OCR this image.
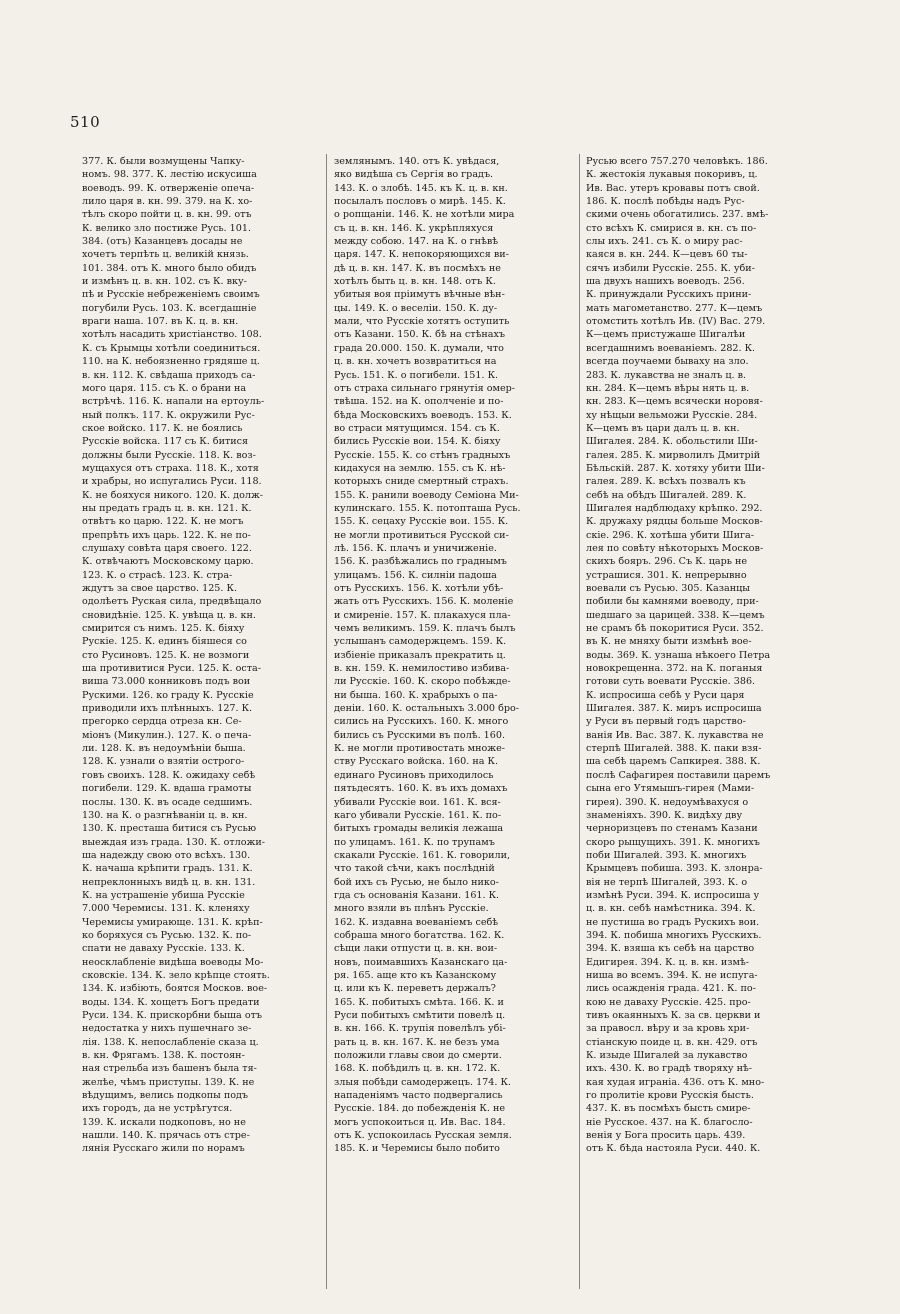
510
377. К. были возмущены Чапку-
номъ. 98. 377. К. лестію искусиша
воеводъ. 99. К. отверженіе опеча-
лило царя в. кн. 99. 379. на К. хо-
тѣлъ скоро пойти ц. в. кн. 99. отъ
К. велико зло постиже Русь. 101.
384. (отъ) Казанцевъ досады не
хочетъ терпѣть ц. великій князь.
101. 384. отъ К. много было обидъ
и измѣнъ ц. в. кн. 102. съ К. вку-
пѣ и Русскіе небреженіемъ своимъ
погубили Русь. 103. К. всегдашніе
враги наша. 107. въ К. ц. в. кн.
хотѣлъ насадить христіанство. 108.
К. съ Крымцы хотѣли соединиться.
110. на К. небоязненно грядяше ц.
в. кн. 112. К. свѣдаша приходъ са-
мого царя. 115. съ К. о брани на
встрѣчѣ. 116. К. напали на ертоуль-
ный полкъ. 117. К. окружили Рус-
ское войско. 117. К. не боялись
Русскіе войска. 117 съ К. битися
должны были Русскіе. 118. К. воз-
мущахуся отъ страха. 118. К., хотя
и храбры, но испугались Руси. 118.
К. не бояхуся никого. 120. К. долж-
ны предать градъ ц. в. кн. 121. К.
отвѣтъ ко царю. 122. К. не могъ
препрѣть ихъ царь. 122. К. не по-
слушаху совѣта царя своего. 122.
К. отвѣчаютъ Московскому царю.
123. К. о страсѣ. 123. К. стра-
ждутъ за свое царство. 125. К.
одолѣетъ Руская сила, предвѣщало
сновидѣніе. 125. К. увѣща ц. в. кн.
смирится съ нимъ. 125. К. біяху
Рускіе. 125. К. единъ біяшеся со
сто Русиновъ. 125. К. не возмоги
ша противитися Руси. 125. К. оста-
виша 73.000 конниковъ подъ вои
Рускими. 126. ко граду К. Русскіе
приводили ихъ плѣнныхъ. 127. К.
прегорко сердца отреза кн. Се-
міонъ (Микулин.). 127. К. о печа-
ли. 128. К. въ недоумѣніи быша.
128. К. узнали о взятіи острого-
говъ своихъ. 128. К. ожидаху себѣ
погибели. 129. К. вдаша грамоты
послы. 130. К. въ осаде седшимъ.
130. на К. о разгнѣваніи ц. в. кн.
130. К. престаша битися съ Русью
выеждая изъ града. 130. К. отложи-
ша надежду свою ото всѣхъ. 130.
К. начаша крѣпити градъ. 131. К.
непреклонныхъ видѣ ц. в. кн. 131.
К. на устрашеніе убиша Русскіе
7.000 Черемисы. 131. К. кленяху
Черемисы умирающе. 131. К. крѣп-
ко боряхуся съ Русью. 132. К. по-
спати не даваху Русскіе. 133. К.
неосклабленіе видѣша воеводы Мо-
сковскіе. 134. К. зело крѣпце стоять.
134. К. избіють, боятся Москов. вое-
воды. 134. К. хощетъ Богъ предати
Руси. 134. К. прискорбни быша отъ
недостатка у нихъ пушечнаго зе-
лія. 138. К. непослабленіе сказа ц.
в. кн. Фрягамъ. 138. К. постоян-
ная стрельба изъ башенъ была тя-
желѣе, чѣмъ приступы. 139. К. не
вѣдущимъ, велись подкопы подъ
ихъ городъ, да не устрѣгутся.
139. К. искали подкоповъ, но не
нашли. 140. К. прячась отъ стре-
лянія Русскаго жили по норамъ
землянымъ. 140. отъ К. увѣдася,
яко видѣша съ Сергія во градъ.
143. К. о злобѣ. 145. къ К. ц. в. кн.
посылалъ пословъ о мирѣ. 145. К.
о ропщаніи. 146. К. не хотѣли мира
съ ц. в. кн. 146. К. укрѣпляхуся
между собою. 147. на К. о гнѣвѣ
царя. 147. К. непокоряющихся ви-
дѣ ц. в. кн. 147. К. въ посмѣхъ не
хотѣлъ быть ц. в. кн. 148. отъ К.
убитыя воя пріимутъ вѣчные вѣн-
цы. 149. К. о веселіи. 150. К. ду-
мали, что Русскіе хотятъ оступить
отъ Казани. 150. К. бѣ на стѣнахъ
града 20.000. 150. К. думали, что
ц. в. кн. хочетъ возвратиться на
Русь. 151. К. о погибели. 151. К.
отъ страха сильнаго грянутія омер-
твѣша. 152. на К. ополченіе и по-
бѣда Московскихъ воеводъ. 153. К.
во страси мятущимся. 154. съ К.
бились Русскіе вои. 154. К. біяху
Русскіе. 155. К. со стѣнъ градныхъ
кидахуся на землю. 155. съ К. нѣ-
которыхъ сниде смертный страхъ.
155. К. ранили воеводу Семіона Ми-
кулинскаго. 155. К. потопташа Русь.
155. К. сецаху Русскіе вои. 155. К.
не могли противиться Русской си-
лѣ. 156. К. плачъ и уничиженіе.
156. К. разбѣжались по граднымъ
улицамъ. 156. К. силніи падоша
отъ Русскихъ. 156. К. хотѣли убѣ-
жать отъ Русскихъ. 156. К. моленіе
и смиреніе. 157. К. плакахуся пла-
чемъ великимъ. 159. К. плачъ былъ
услышанъ самодержцемъ. 159. К.
избіеніе приказалъ прекратить ц.
в. кн. 159. К. немилостиво избива-
ли Русскіе. 160. К. скоро побѣжде-
ни быша. 160. К. храбрыхъ о па-
деніи. 160. К. остальныхъ 3.000 бро-
сились на Русскихъ. 160. К. много
бились съ Русскими въ полѣ. 160.
К. не могли противостать множе-
ству Русскаго войска. 160. на К.
единаго Русиновъ приходилось
пятьдесятъ. 160. К. въ ихъ домахъ
убивали Русскіе вои. 161. К. вся-
каго убивали Русскіе. 161. К. по-
битыхъ громады великія лежаша
по улицамъ. 161. К. по трупамъ
скакали Русскіе. 161. К. говорили,
что такой сѣчи, какъ послѣдній
бой ихъ съ Русью, не было нико-
гда съ основанія Казани. 161. К.
много взяли въ плѣнъ Русскіе.
162. К. издавна вoеваніемъ себѣ
собраша много богатства. 162. К.
сѣщи лаки отпусти ц. в. кн. вои-
новъ, поимавшихъ Казанскаго ца-
ря. 165. аще кто къ Казанскому
ц. или къ К. переветъ держалъ?
165. К. побитыхъ смѣта. 166. К. и
Руси побитыхъ смѣтити повелѣ ц.
в. кн. 166. К. трупія повелѣлъ убі-
рать ц. в. кн. 167. К. не безъ ума
положили главы свои до смерти.
168. К. побѣдилъ ц. в. кн. 172. К.
злыя побѣди самодержецъ. 174. К.
нападеніямъ часто подвергались
Русскіе. 184. до побежденія К. не
могъ успокоиться ц. Ив. Вас. 184.
отъ К. успокоилась Русская земля.
185. К. и Черемисы было побито
Русью всего 757.270 человѣкъ. 186.
К. жестокія лукавыя покоривъ, ц.
Ив. Вас. утеръ кровавы потъ свой.
186. К. послѣ побѣды надъ Рус-
скими очень обогатились. 237. вмѣ-
сто всѣхъ К. смирися в. кн. съ по-
слы ихъ. 241. съ К. о миру рас-
каяся в. кн. 244. К—цевъ 60 ты-
сячъ избили Русскіе. 255. К. уби-
ша двухъ нашихъ воеводъ. 256.
К. принуждали Русскихъ прини-
мать магометанство. 277. К—цемъ
отомстить хотѣлъ Ив. (IV) Вас. 279.
К—цемъ пристужаше Шигалѣи
всегдашнимъ воеваніемъ. 282. К.
всегда поучаеми бываху на зло.
283. К. лукавства не зналъ ц. в.
кн. 284. К—цемъ вѣры нять ц. в.
кн. 283. К—цемъ всячески норовя-
ху нѣщыи вельможи Русскіе. 284.
К—цемъ въ цари далъ ц. в. кн.
Шигалея. 284. К. обольстили Ши-
галея. 285. К. мирволилъ Дмитрій
Бѣльскій. 287. К. хотяху убити Ши-
галея. 289. К. всѣхъ позвалъ къ
себѣ на обѣдъ Шигалей. 289. К.
Шигалея надблюдаху крѣпко. 292.
К. дружаху рядцы больше Москов-
скіе. 296. К. хотѣша убити Шига-
лея по совѣту нѣкоторыхъ Москов-
скихъ бояръ. 296. Съ К. царь не
устрашися. 301. К. непрерывно
воевали съ Русью. 305. Казанцы
побили бы камнями воеводу, при-
шедшаго за царицей. 338. К—цемъ
не срамъ бѣ покоритися Руси. 352.
въ К. не мняху быти измѣнѣ вое-
воды. 369. К. узнаша нѣкоего Петра
новокрещенна. 372. на К. поганыя
готови суть воевати Русскіе. 386.
К. испросиша себѣ у Руси царя
Шигалея. 387. К. миръ испросиша
у Руси въ первый годъ царство-
ванія Ив. Вас. 387. К. лукавства не
стерпѣ Шигалей. 388. К. паки взя-
ша себѣ царемъ Сапкирея. 388. К.
послѣ Сафагирея поставили царемъ
сына его Утямышъ-гирея (Мами-
гирея). 390. К. недоумѣвахуся о
знаменіяхъ. 390. К. видѣху дву
черноризцевъ по стенамъ Казани
скоро рыщущихъ. 391. К. многихъ
поби Шигалей. 393. К. многихъ
Крымцевъ побиша. 393. К. злонра-
вія не терпѣ Шигалей, 393. К. о
измѣнѣ Руси. 394. К. испросиша у
ц. в. кн. себѣ намѣстника. 394. К.
не пустиша во градъ Рускихъ вои.
394. К. побиша многихъ Русскихъ.
394. К. взяша къ себѣ на царство
Едигирея. 394. К. ц. в. кн. измѣ-
ниша во всемъ. 394. К. не испуга-
лись осажденія града. 421. К. по-
кою не даваху Русскіе. 425. про-
тивъ окаянныхъ К. за св. церкви и
за правосл. вѣру и за кровь хри-
стіанскую поиде ц. в. кн. 429. отъ
К. изыде Шигалей за лукавство
ихъ. 430. К. во градѣ творяху нѣ-
кая худая играніа. 436. отъ К. мно-
го пролитіе крови Русскія бысть.
437. К. въ посмѣхъ бысть смире-
ніе Русское. 437. на К. благосло-
венія у Бога просить царь. 439.
отъ К. бѣда настояла Руси. 440. К.
